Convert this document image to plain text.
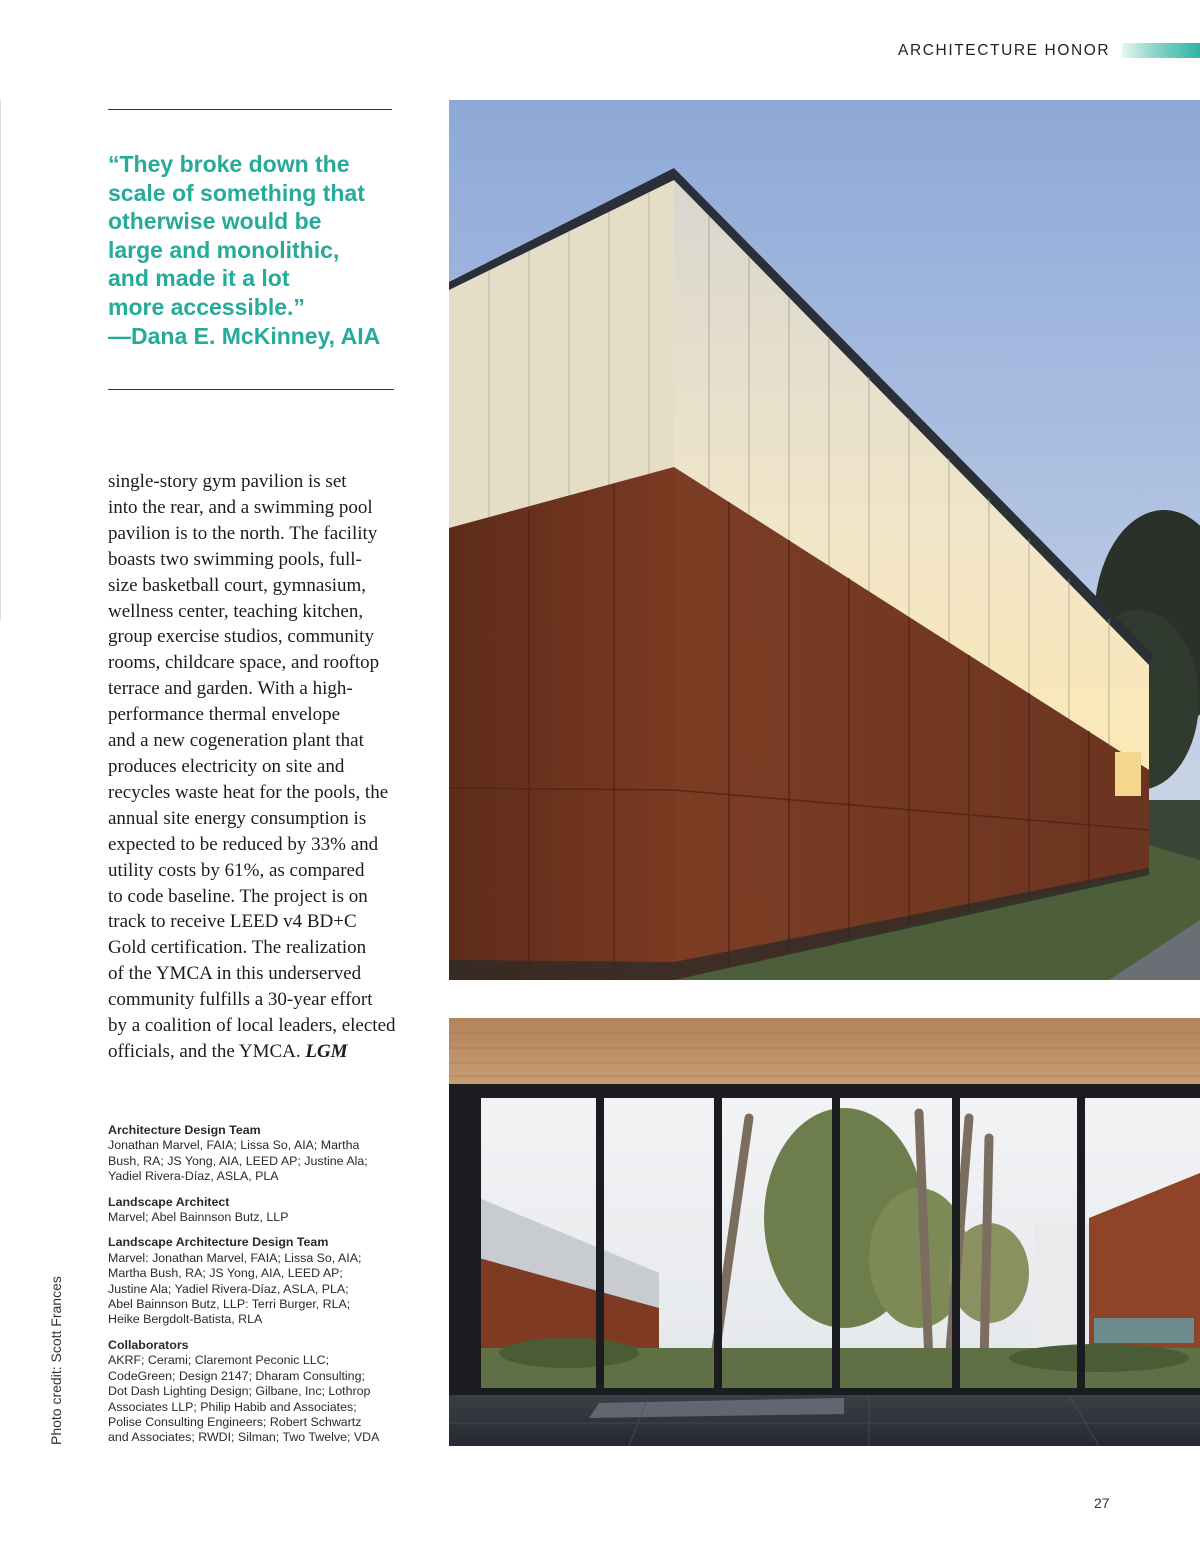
ARCHITECTURE HONOR
“They broke down the
scale of something that
otherwise would be
large and monolithic,
and made it a lot
more accessible.”
—Dana E. McKinney, AIA
single-story gym pavilion is set
into the rear, and a swimming pool
pavilion is to the north. The facility
boasts two swimming pools, full-
size basketball court, gymnasium,
wellness center, teaching kitchen,
group exercise studios, community
rooms, childcare space, and rooftop
terrace and garden. With a high-
performance thermal envelope
and a new cogeneration plant that
produces electricity on site and
recycles waste heat for the pools, the
annual site energy consumption is
expected to be reduced by 33% and
utility costs by 61%, as compared
to code baseline. The project is on
track to receive LEED v4 BD+C
Gold certification. The realization
of the YMCA in this underserved
community fulfills a 30-year effort
by a coalition of local leaders, elected
officials, and the YMCA. LGM
Architecture Design Team
Jonathan Marvel, FAIA; Lissa So, AIA; Martha
Bush, RA; JS Yong, AIA, LEED AP; Justine Ala;
Yadiel Rivera-Díaz, ASLA, PLA
Landscape Architect
Marvel; Abel Bainnson Butz, LLP
Landscape Architecture Design Team
Marvel: Jonathan Marvel, FAIA; Lissa So, AIA;
Martha Bush, RA; JS Yong, AIA, LEED AP;
Justine Ala; Yadiel Rivera-Díaz, ASLA, PLA;
Abel Bainnson Butz, LLP: Terri Burger, RLA;
Heike Bergdolt-Batista, RLA
Collaborators
AKRF; Cerami; Claremont Peconic LLC;
CodeGreen; Design 2147; Dharam Consulting;
Dot Dash Lighting Design; Gilbane, Inc; Lothrop
Associates LLP; Philip Habib and Associates;
Polise Consulting Engineers; Robert Schwartz
and Associates; RWDI; Silman; Two Twelve; VDA
Photo credit: Scott Frances
27
